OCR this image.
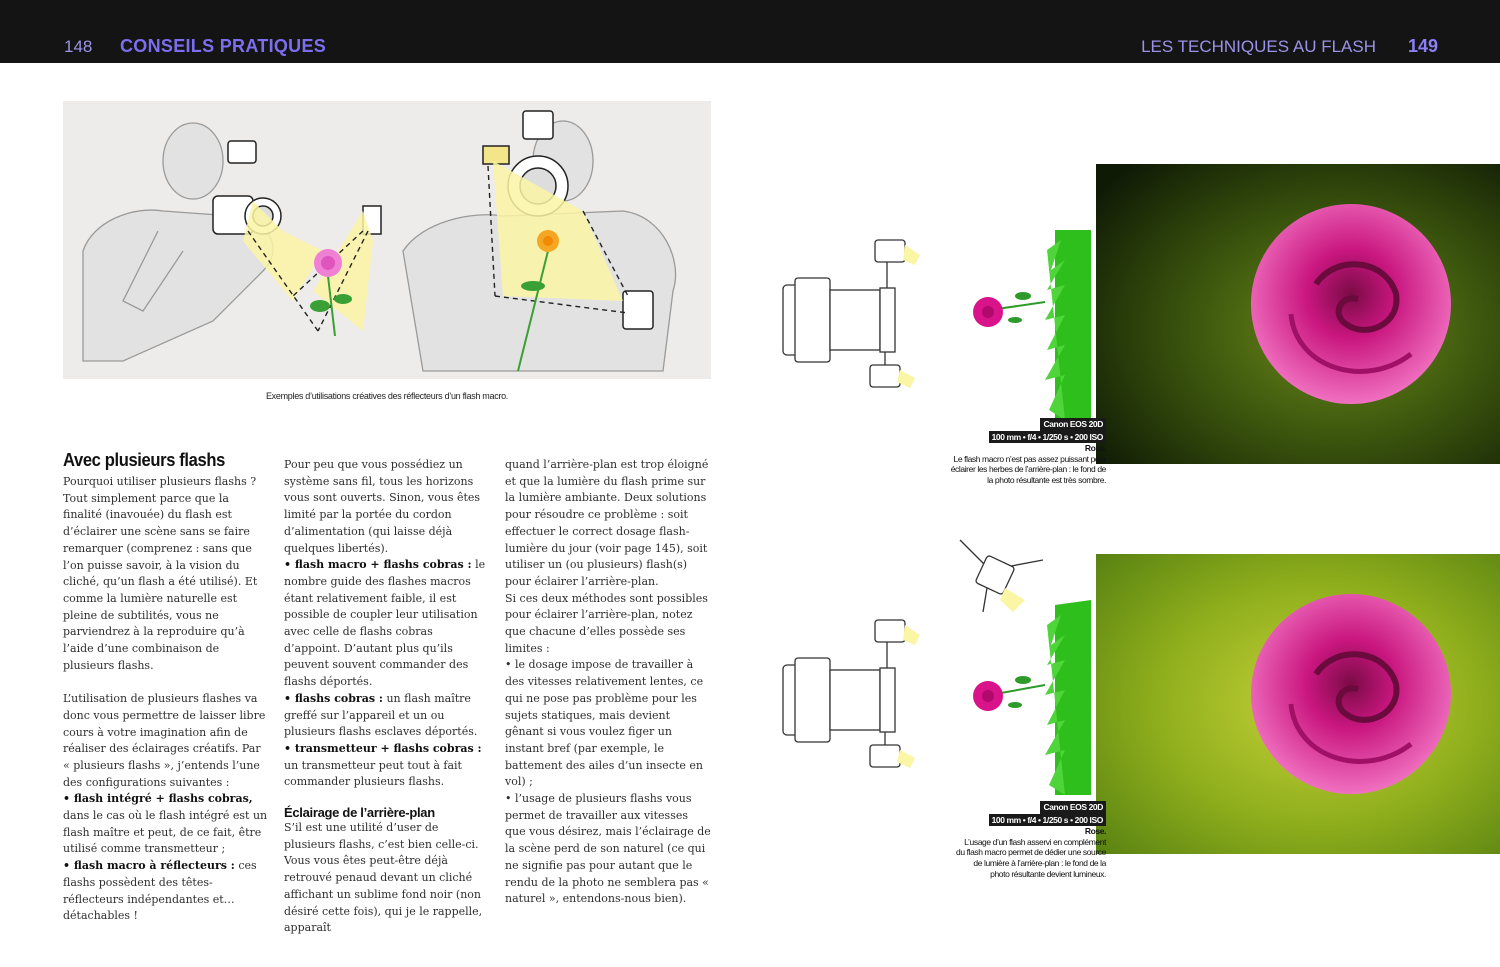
148 CONSEILS PRATIQUES	LES TECHNIQUES AU FLASH 149
Exemples d’utilisations créatives des réflecteurs d’un flash macro.
Avec plusieurs flashs

Pourquoi utiliser plusieurs flashs ? Tout simplement parce que la finalité (inavouée) du flash est d’éclairer une scène sans se faire remarquer (comprenez : sans que l’on puisse savoir, à la vision du cliché, qu’un flash a été utilisé). Et comme la lumière naturelle est pleine de subtilités, vous ne parviendrez à la reproduire qu’à l’aide d’une combinaison de plusieurs flashs.

L’utilisation de plusieurs flashes va donc vous permettre de laisser libre cours à votre imagination afin de réaliser des éclairages créatifs. Par « plusieurs flashs », j’entends l’une des configurations suivantes :

• flash intégré + flashs cobras, dans le cas où le flash intégré est un flash maître et peut, de ce fait, être utilisé comme transmetteur ;

• flash macro à réflecteurs : ces flashs possèdent des têtes-réflecteurs indépendantes et… détachables !

Pour peu que vous possédiez un système sans fil, tous les horizons vous sont ouverts. Sinon, vous êtes limité par la portée du cordon d’alimentation (qui laisse déjà quelques libertés).

• flash macro + flashs cobras : le nombre guide des flashes macros étant relativement faible, il est possible de coupler leur utilisation avec celle de flashs cobras d’appoint. D’autant plus qu’ils peuvent souvent commander des flashs déportés.

• flashs cobras : un flash maître greffé sur l’appareil et un ou plusieurs flashs esclaves déportés.

• transmetteur + flashs cobras : un transmetteur peut tout à fait commander plusieurs flashs.

Éclairage de l’arrière-plan

S’il est une utilité d’user de plusieurs flashs, c’est bien celle-ci. Vous vous êtes peut-être déjà retrouvé penaud devant un cliché affichant un sublime fond noir (non désiré cette fois), qui je le rappelle, apparaît

quand l’arrière-plan est trop éloigné et que la lumière du flash prime sur la lumière ambiante. Deux solutions pour résoudre ce problème : soit effectuer le correct dosage flash-lumière du jour (voir page 145), soit utiliser un (ou plusieurs) flash(s) pour éclairer l’arrière-plan.

Si ces deux méthodes sont possibles pour éclairer l’arrière-plan, notez que chacune d’elles possède ses limites :

• le dosage impose de travailler à des vitesses relativement lentes, ce qui ne pose pas problème pour les sujets statiques, mais devient gênant si vous voulez figer un instant bref (par exemple, le battement des ailes d’un insecte en vol) ;

• l’usage de plusieurs flashs vous permet de travailler aux vitesses que vous désirez, mais l’éclairage de la scène perd de son naturel (ce qui ne signifie pas pour autant que le rendu de la photo ne semblera pas « naturel », entendons-nous bien).

Canon EOS 20D
100 mm • f/4 • 1/250 s • 200 ISO
Rose.
Le flash macro n’est pas assez puissant pour éclairer les herbes de l’arrière-plan : le fond de la photo résultante est très sombre.
Canon EOS 20D
100 mm • f/4 • 1/250 s • 200 ISO
Rose.
L’usage d’un flash asservi en complément du flash macro permet de dédier une source de lumière à l’arrière-plan : le fond de la photo résultante devient lumineux.
